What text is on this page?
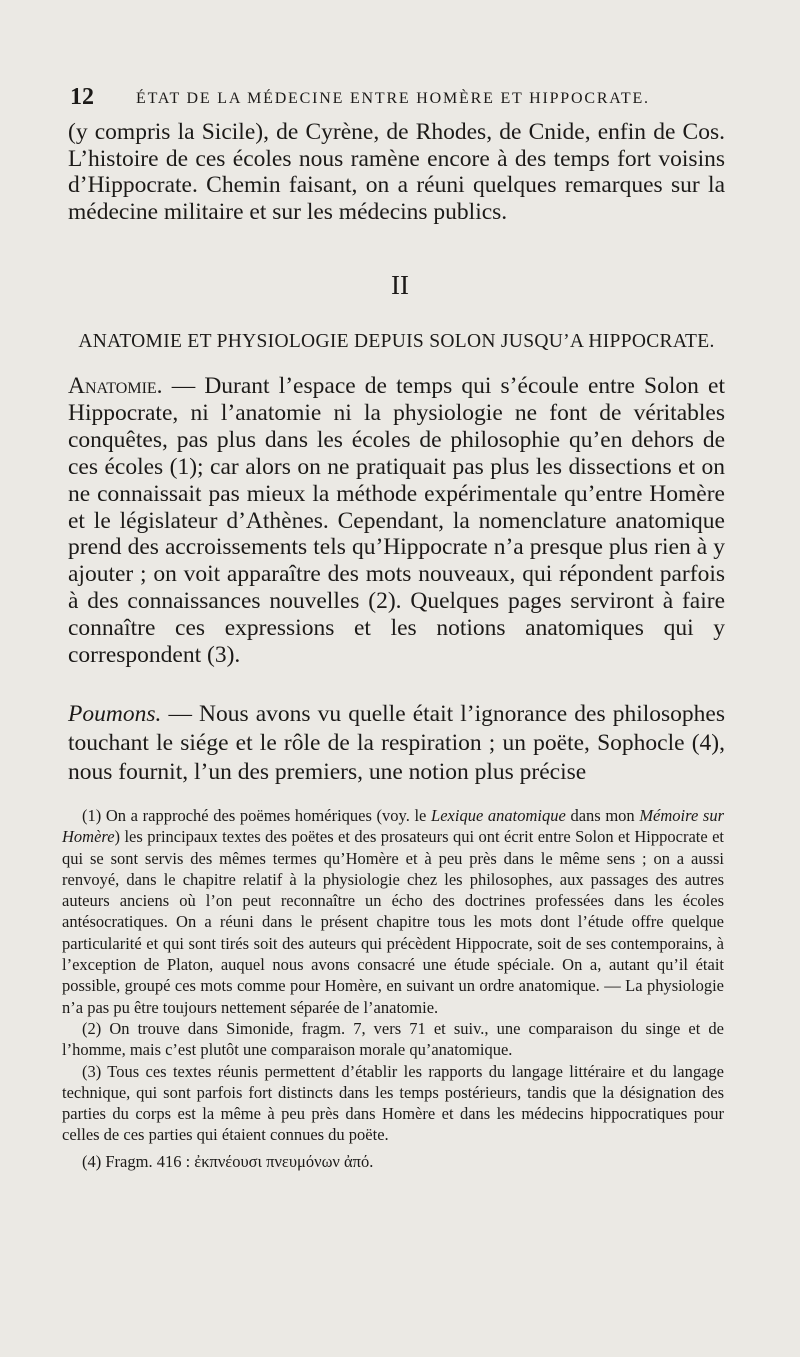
12	ÉTAT DE LA MÉDECINE ENTRE HOMÈRE ET HIPPOCRATE.

(y compris la Sicile), de Cyrène, de Rhodes, de Cnide, enfin de Cos. L’histoire de ces écoles nous ramène encore à des temps fort voisins d’Hippocrate. Chemin faisant, on a réuni quelques remarques sur la médecine militaire et sur les médecins publics.

II
ANATOMIE ET PHYSIOLOGIE DEPUIS SOLON JUSQU’A HIPPOCRATE.

Anatomie. — Durant l’espace de temps qui s’écoule entre Solon et Hippocrate, ni l’anatomie ni la physiologie ne font de véritables conquêtes, pas plus dans les écoles de philosophie qu’en dehors de ces écoles (1); car alors on ne pratiquait pas plus les dissections et on ne connaissait pas mieux la méthode expérimentale qu’entre Homère et le législateur d’Athènes. Cependant, la nomenclature anatomique prend des accroissements tels qu’Hippocrate n’a presque plus rien à y ajouter ; on voit apparaître des mots nouveaux, qui répondent parfois à des connaissances nouvelles (2). Quelques pages serviront à faire connaître ces expressions et les notions anatomiques qui y correspondent (3).

Poumons. — Nous avons vu quelle était l’ignorance des philosophes touchant le siége et le rôle de la respiration ; un poëte, Sophocle (4), nous fournit, l’un des premiers, une notion plus précise

(1) On a rapproché des poëmes homériques (voy. le Lexique anatomique dans mon Mémoire sur Homère) les principaux textes des poëtes et des prosateurs qui ont écrit entre Solon et Hippocrate et qui se sont servis des mêmes termes qu’Homère et à peu près dans le même sens ; on a aussi renvoyé, dans le chapitre relatif à la physiologie chez les philosophes, aux passages des autres auteurs anciens où l’on peut reconnaître un écho des doctrines professées dans les écoles antésocratiques. On a réuni dans le présent chapitre tous les mots dont l’étude offre quelque particularité et qui sont tirés soit des auteurs qui précèdent Hippocrate, soit de ses contemporains, à l’exception de Platon, auquel nous avons consacré une étude spéciale. On a, autant qu’il était possible, groupé ces mots comme pour Homère, en suivant un ordre anatomique. — La physiologie n’a pas pu être toujours nettement séparée de l’anatomie.

(2) On trouve dans Simonide, fragm. 7, vers 71 et suiv., une comparaison du singe et de l’homme, mais c’est plutôt une comparaison morale qu’anatomique.

(3) Tous ces textes réunis permettent d’établir les rapports du langage littéraire et du langage technique, qui sont parfois fort distincts dans les temps postérieurs, tandis que la désignation des parties du corps est la même à peu près dans Homère et dans les médecins hippocratiques pour celles de ces parties qui étaient connues du poëte.

(4) Fragm. 416 : ἐκπνέουσι πνευμόνων ἀπό.
